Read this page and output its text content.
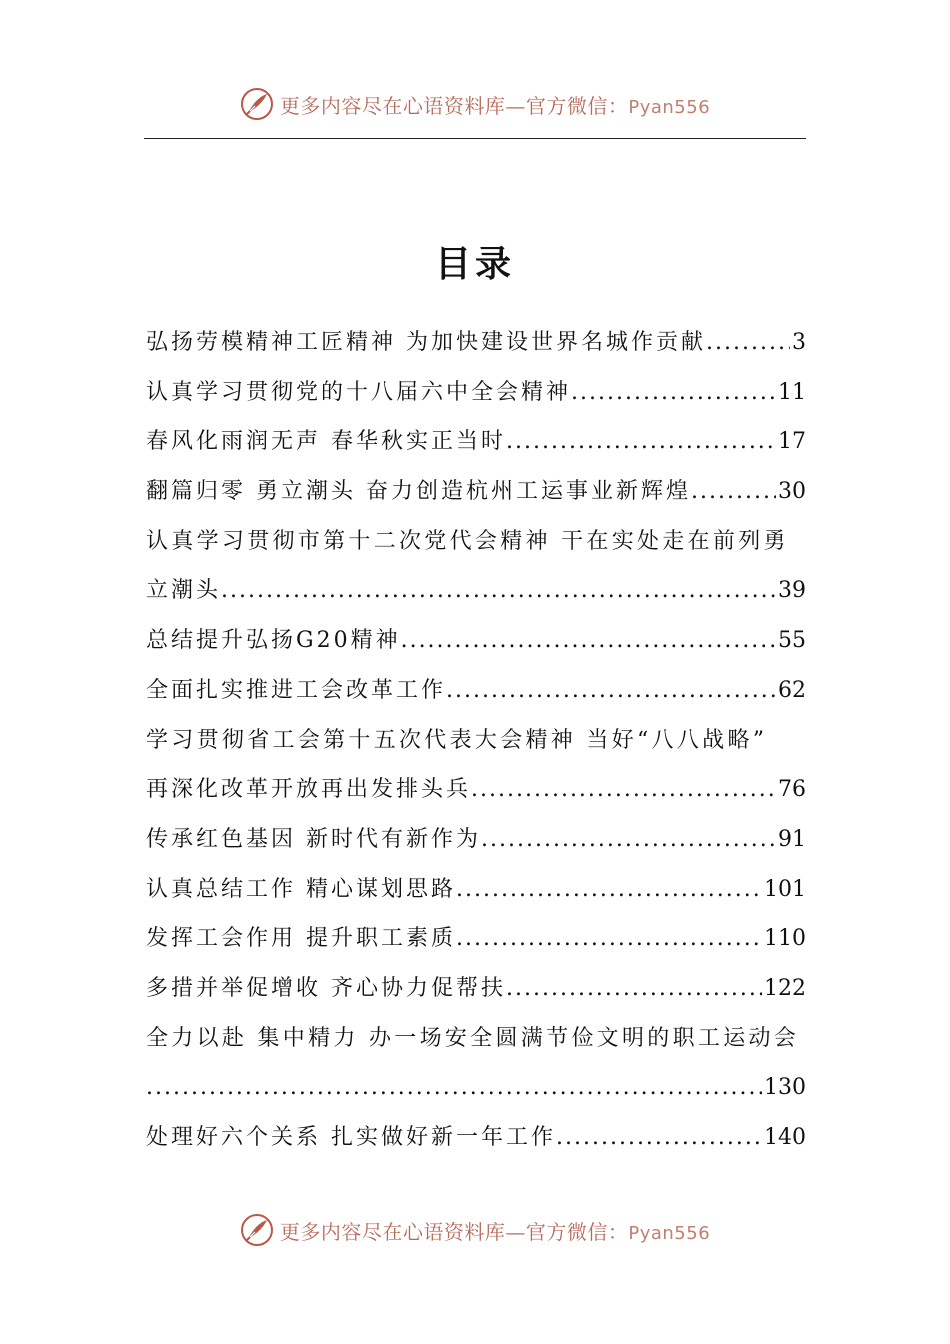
更多内容尽在心语资料库—官方微信：Pyan556
目录
弘扬劳模精神工匠精神 为加快建设世界名城作贡献 .....	3
认真学习贯彻党的十八届六中全会精神 .....	11
春风化雨润无声 春华秋实正当时 .....	17
翻篇归零 勇立潮头 奋力创造杭州工运事业新辉煌 .....	30
认真学习贯彻市第十二次党代会精神 干在实处走在前列勇
立潮头 .....	39
总结提升弘扬G20精神 .....	55
全面扎实推进工会改革工作 .....	62
学习贯彻省工会第十五次代表大会精神 当好“八八战略”
再深化改革开放再出发排头兵 .....	76
传承红色基因 新时代有新作为 .....	91
认真总结工作 精心谋划思路 .....	101
发挥工会作用 提升职工素质 .....	110
多措并举促增收 齐心协力促帮扶 .....	122
全力以赴 集中精力 办一场安全圆满节俭文明的职工运动会
.....
130
处理好六个关系 扎实做好新一年工作 .....	140
更多内容尽在心语资料库—官方微信：Pyan556
